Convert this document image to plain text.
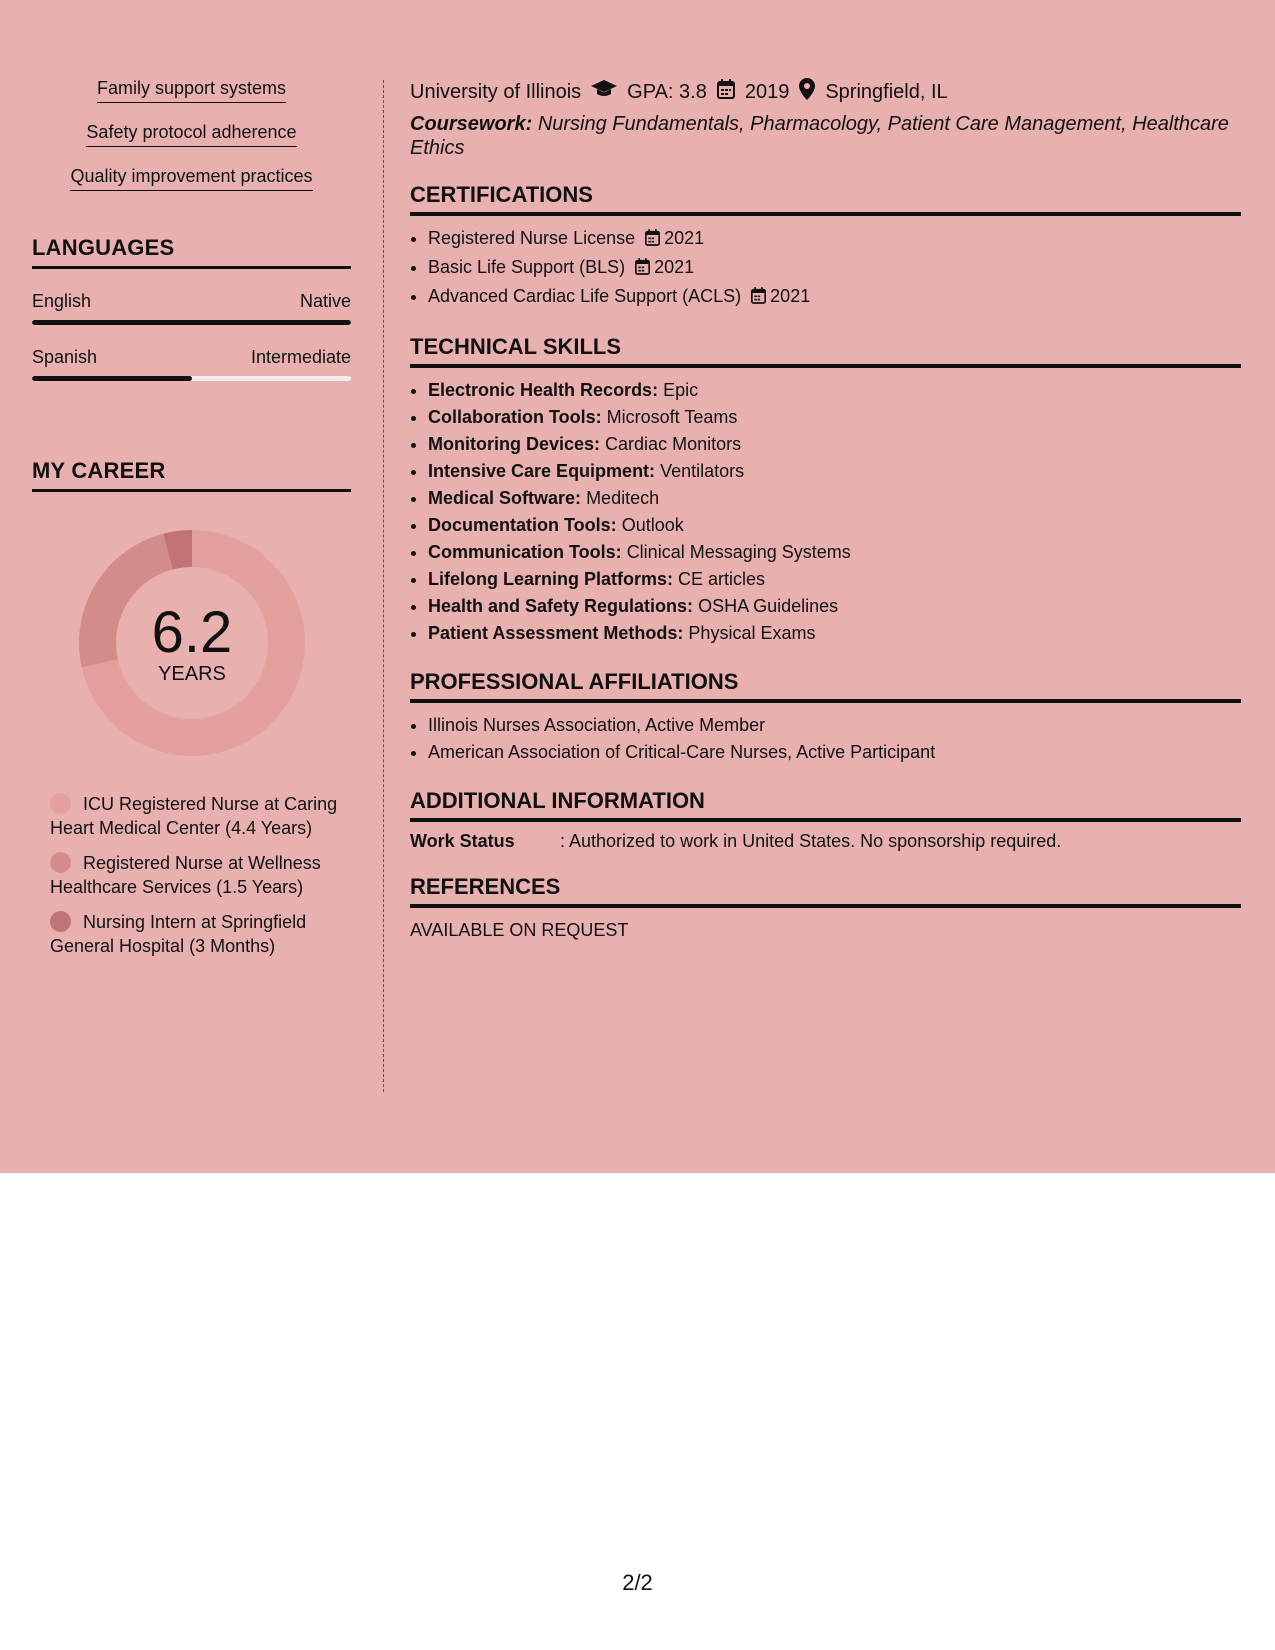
Family support systems
Safety protocol adherence
Quality improvement practices
LANGUAGES
English	Native
Spanish	Intermediate
MY CAREER
6.2
YEARS
ICU Registered Nurse at Caring Heart Medical Center (4.4 Years)
Registered Nurse at Wellness Healthcare Services (1.5 Years)
Nursing Intern at Springfield General Hospital (3 Months)
University of Illinois GPA: 3.8 2019 Springfield, IL
Coursework: Nursing Fundamentals, Pharmacology, Patient Care Management, Healthcare Ethics
CERTIFICATIONS
• Registered Nurse License 2021
• Basic Life Support (BLS) 2021
• Advanced Cardiac Life Support (ACLS) 2021
TECHNICAL SKILLS
• Electronic Health Records: Epic
• Collaboration Tools: Microsoft Teams
• Monitoring Devices: Cardiac Monitors
• Intensive Care Equipment: Ventilators
• Medical Software: Meditech
• Documentation Tools: Outlook
• Communication Tools: Clinical Messaging Systems
• Lifelong Learning Platforms: CE articles
• Health and Safety Regulations: OSHA Guidelines
• Patient Assessment Methods: Physical Exams
PROFESSIONAL AFFILIATIONS
• Illinois Nurses Association, Active Member
• American Association of Critical-Care Nurses, Active Participant
ADDITIONAL INFORMATION
Work Status	: Authorized to work in United States. No sponsorship required.
REFERENCES
AVAILABLE ON REQUEST
2/2
